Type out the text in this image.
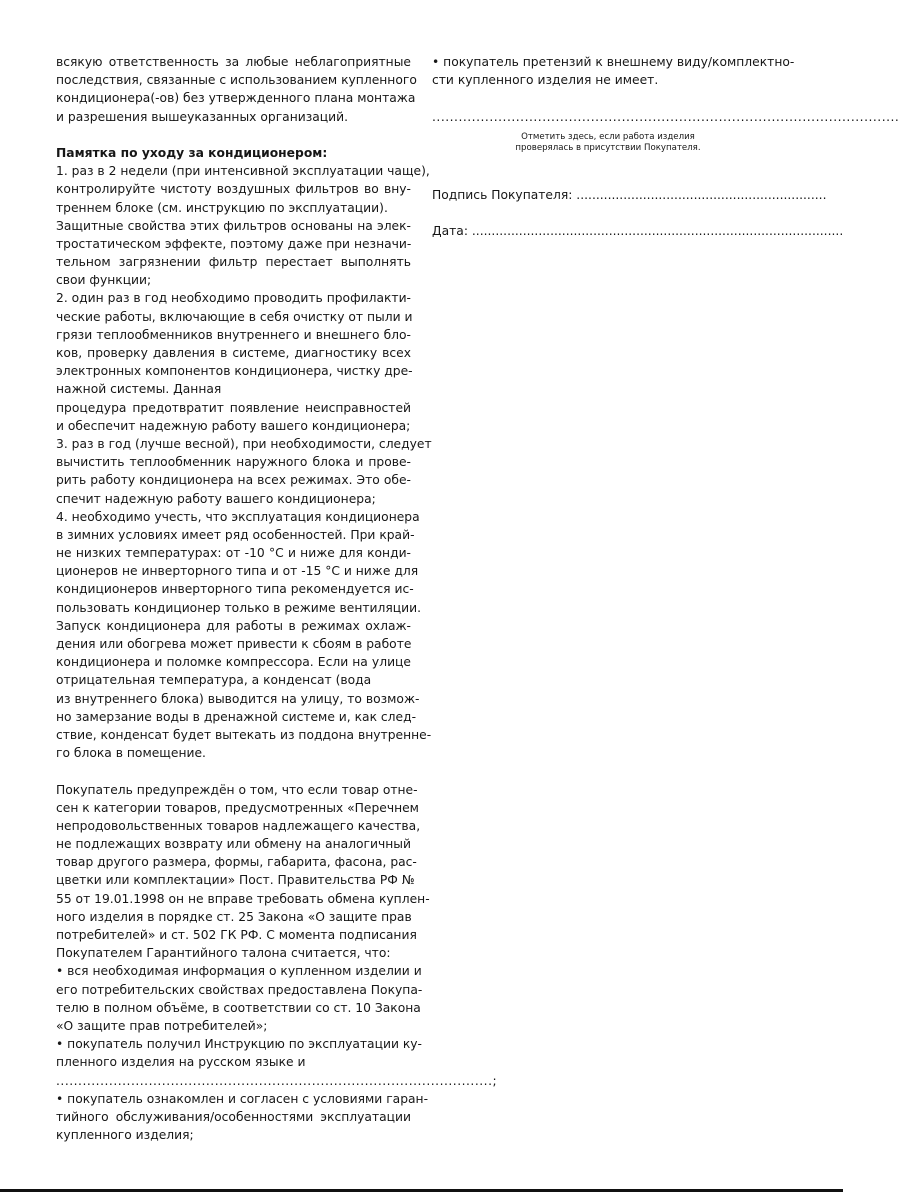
всякую ответственность за любые неблагоприятные
последствия, связанные с использованием купленного
кондиционера(-ов) без утвержденного плана монтажа
и разрешения вышеуказанных организаций.
Памятка по уходу за кондиционером:
1. раз в 2 недели (при интенсивной эксплуатации чаще),
контролируйте чистоту воздушных фильтров во вну-
треннем блоке (см. инструкцию по эксплуатации).
Защитные свойства этих фильтров основаны на элек-
тростатическом эффекте, поэтому даже при незначи-
тельном загрязнении фильтр перестает выполнять
свои функции;
2. один раз в год необходимо проводить профилакти-
ческие работы, включающие в себя очистку от пыли и
грязи теплообменников внутреннего и внешнего бло-
ков, проверку давления в системе, диагностику всех
электронных компонентов кондиционера, чистку дре-
нажной системы. Данная
процедура предотвратит появление неисправностей
и обеспечит надежную работу вашего кондиционера;
3. раз в год (лучше весной), при необходимости, следует
вычистить теплообменник наружного блока и прове-
рить работу кондиционера на всех режимах. Это обе-
спечит надежную работу вашего кондиционера;
4. необходимо учесть, что эксплуатация кондиционера
в зимних условиях имеет ряд особенностей. При край-
не низких температурах: от -10 °С и ниже для конди-
ционеров не инверторного типа и от -15 °С и ниже для
кондиционеров инверторного типа рекомендуется ис-
пользовать кондиционер только в режиме вентиляции.
Запуск кондиционера для работы в режимах охлаж-
дения или обогрева может привести к сбоям в работе
кондиционера и поломке компрессора. Если на улице
отрицательная температура, а конденсат (вода
из внутреннего блока) выводится на улицу, то возмож-
но замерзание воды в дренажной системе и, как след-
ствие, конденсат будет вытекать из поддона внутренне-
го блока в помещение.
Покупатель предупреждён о том, что если товар отне-
сен к категории товаров, предусмотренных «Перечнем
непродовольственных товаров надлежащего качества,
не подлежащих возврату или обмену на аналогичный
товар другого размера, формы, габарита, фасона, рас-
цветки или комплектации» Пост. Правительства РФ №
55 от 19.01.1998 он не вправе требовать обмена куплен-
ного изделия в порядке ст. 25 Закона «О защите прав
потребителей» и ст. 502 ГК РФ. С момента подписания
Покупателем Гарантийного талона считается, что:
• вся необходимая информация о купленном изделии и
его потребительских свойствах предоставлена Покупа-
телю в полном объёме, в соответствии со ст. 10 Закона
«О защите прав потребителей»;
• покупатель получил Инструкцию по эксплуатации ку-
пленного изделия на русском языке и
...................................................................................................;
• покупатель ознакомлен и согласен с условиями гаран-
тийного обслуживания/особенностями эксплуатации
купленного изделия;
• покупатель претензий к внешнему виду/комплектно-
сти купленного изделия не имеет.
..........................................................................................................
Отметить здесь, если работа изделия
проверялась в присутствии Покупателя.
Подпись Покупателя: ................................................................
Дата: ...............................................................................................
